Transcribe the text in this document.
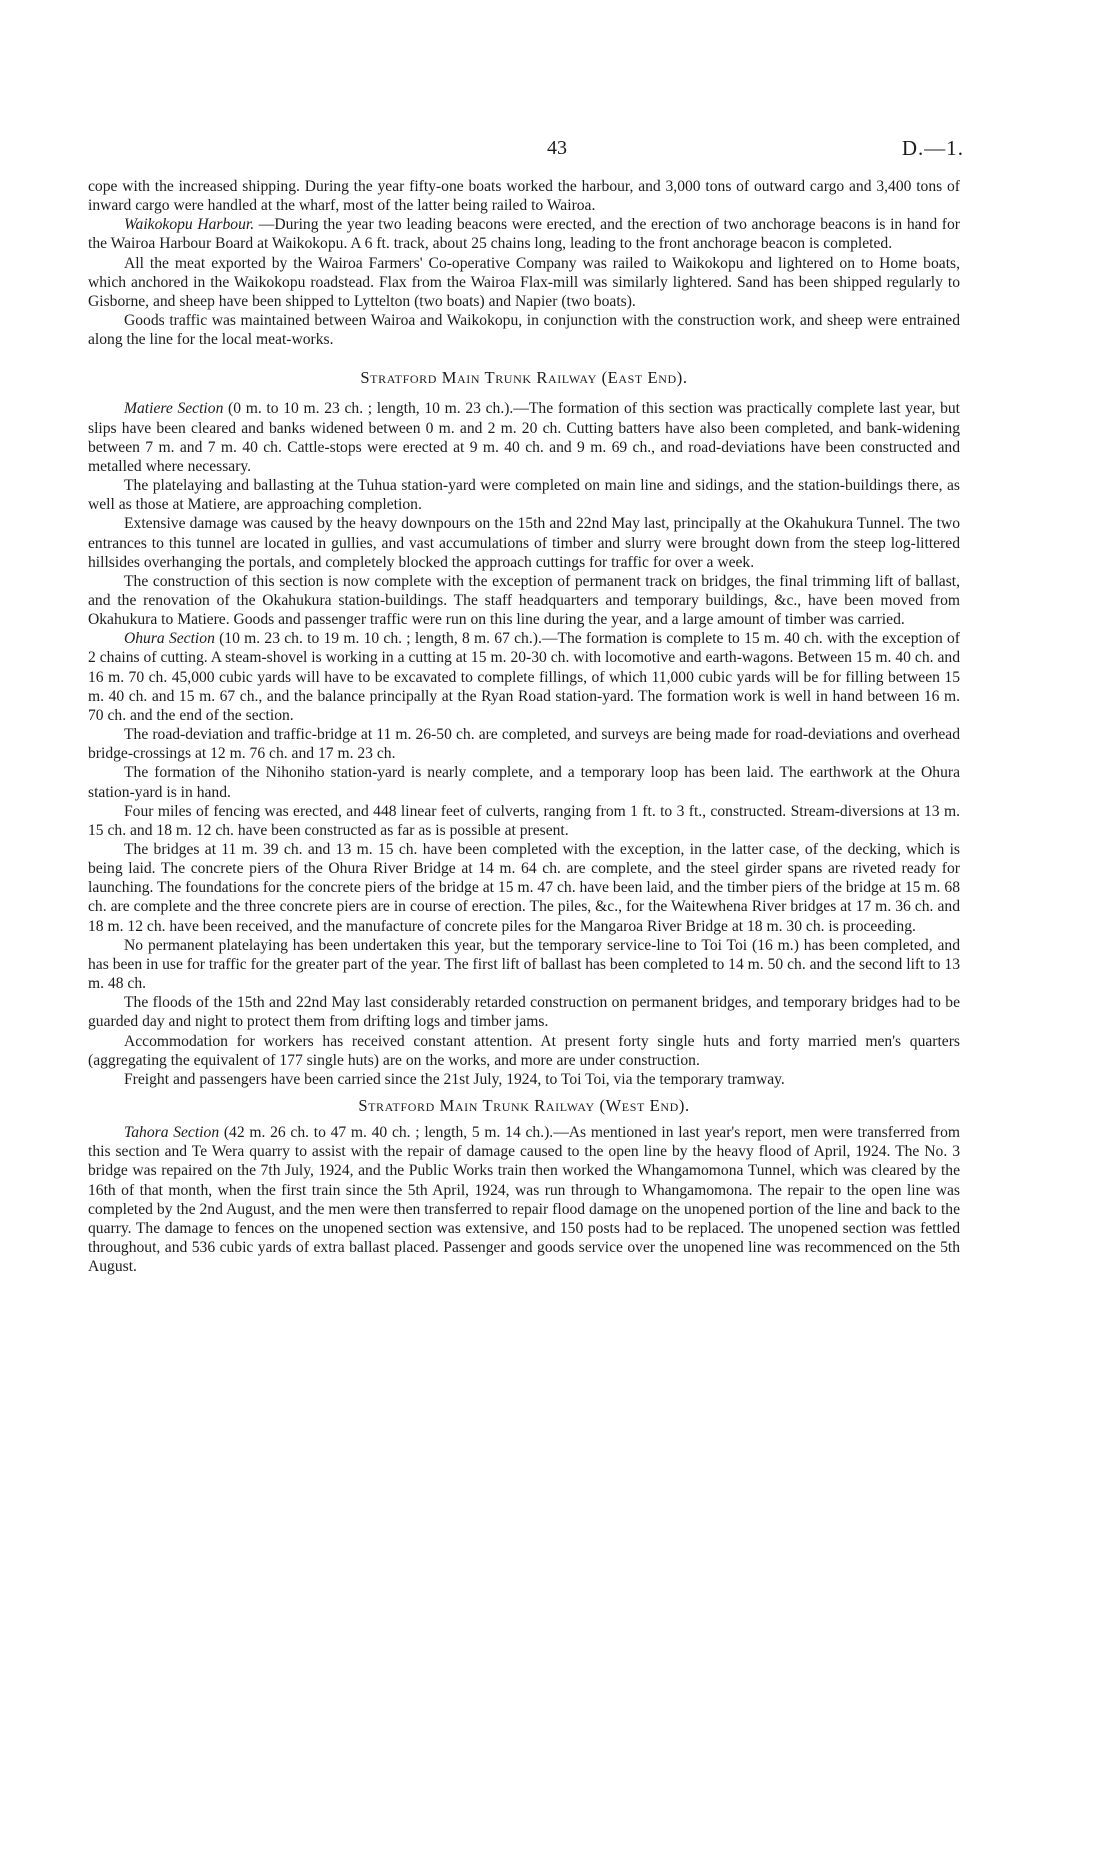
43	D.—1.

cope with the increased shipping. During the year fifty-one boats worked the harbour, and 3,000 tons of outward cargo and 3,400 tons of inward cargo were handled at the wharf, most of the latter being railed to Wairoa.

Waikokopu Harbour. —During the year two leading beacons were erected, and the erection of two anchorage beacons is in hand for the Wairoa Harbour Board at Waikokopu. A 6 ft. track, about 25 chains long, leading to the front anchorage beacon is completed.

All the meat exported by the Wairoa Farmers' Co-operative Company was railed to Waikokopu and lightered on to Home boats, which anchored in the Waikokopu roadstead. Flax from the Wairoa Flax-mill was similarly lightered. Sand has been shipped regularly to Gisborne, and sheep have been shipped to Lyttelton (two boats) and Napier (two boats).

Goods traffic was maintained between Wairoa and Waikokopu, in conjunction with the construction work, and sheep were entrained along the line for the local meat-works.

Stratford Main Trunk Railway (East End).

Matiere Section (0 m. to 10 m. 23 ch. ; length, 10 m. 23 ch.).—The formation of this section was practically complete last year, but slips have been cleared and banks widened between 0 m. and 2 m. 20 ch. Cutting batters have also been completed, and bank-widening between 7 m. and 7 m. 40 ch. Cattle-stops were erected at 9 m. 40 ch. and 9 m. 69 ch., and road-deviations have been constructed and metalled where necessary.

The platelaying and ballasting at the Tuhua station-yard were completed on main line and sidings, and the station-buildings there, as well as those at Matiere, are approaching completion.

Extensive damage was caused by the heavy downpours on the 15th and 22nd May last, principally at the Okahukura Tunnel. The two entrances to this tunnel are located in gullies, and vast accumulations of timber and slurry were brought down from the steep log-littered hillsides overhanging the portals, and completely blocked the approach cuttings for traffic for over a week.

The construction of this section is now complete with the exception of permanent track on bridges, the final trimming lift of ballast, and the renovation of the Okahukura station-buildings. The staff headquarters and temporary buildings, &c., have been moved from Okahukura to Matiere. Goods and passenger traffic were run on this line during the year, and a large amount of timber was carried.

Ohura Section (10 m. 23 ch. to 19 m. 10 ch. ; length, 8 m. 67 ch.).—The formation is complete to 15 m. 40 ch. with the exception of 2 chains of cutting. A steam-shovel is working in a cutting at 15 m. 20-30 ch. with locomotive and earth-wagons. Between 15 m. 40 ch. and 16 m. 70 ch. 45,000 cubic yards will have to be excavated to complete fillings, of which 11,000 cubic yards will be for filling between 15 m. 40 ch. and 15 m. 67 ch., and the balance principally at the Ryan Road station-yard. The formation work is well in hand between 16 m. 70 ch. and the end of the section.

The road-deviation and traffic-bridge at 11 m. 26-50 ch. are completed, and surveys are being made for road-deviations and overhead bridge-crossings at 12 m. 76 ch. and 17 m. 23 ch.

The formation of the Nihoniho station-yard is nearly complete, and a temporary loop has been laid. The earthwork at the Ohura station-yard is in hand.

Four miles of fencing was erected, and 448 linear feet of culverts, ranging from 1 ft. to 3 ft., constructed. Stream-diversions at 13 m. 15 ch. and 18 m. 12 ch. have been constructed as far as is possible at present.

The bridges at 11 m. 39 ch. and 13 m. 15 ch. have been completed with the exception, in the latter case, of the decking, which is being laid. The concrete piers of the Ohura River Bridge at 14 m. 64 ch. are complete, and the steel girder spans are riveted ready for launching. The foundations for the concrete piers of the bridge at 15 m. 47 ch. have been laid, and the timber piers of the bridge at 15 m. 68 ch. are complete and the three concrete piers are in course of erection. The piles, &c., for the Waitewhena River bridges at 17 m. 36 ch. and 18 m. 12 ch. have been received, and the manufacture of concrete piles for the Mangaroa River Bridge at 18 m. 30 ch. is proceeding.

No permanent platelaying has been undertaken this year, but the temporary service-line to Toi Toi (16 m.) has been completed, and has been in use for traffic for the greater part of the year. The first lift of ballast has been completed to 14 m. 50 ch. and the second lift to 13 m. 48 ch.

The floods of the 15th and 22nd May last considerably retarded construction on permanent bridges, and temporary bridges had to be guarded day and night to protect them from drifting logs and timber jams.

Accommodation for workers has received constant attention. At present forty single huts and forty married men's quarters (aggregating the equivalent of 177 single huts) are on the works, and more are under construction.

Freight and passengers have been carried since the 21st July, 1924, to Toi Toi, via the temporary tramway.

Stratford Main Trunk Railway (West End).

Tahora Section (42 m. 26 ch. to 47 m. 40 ch. ; length, 5 m. 14 ch.).—As mentioned in last year's report, men were transferred from this section and Te Wera quarry to assist with the repair of damage caused to the open line by the heavy flood of April, 1924. The No. 3 bridge was repaired on the 7th July, 1924, and the Public Works train then worked the Whangamomona Tunnel, which was cleared by the 16th of that month, when the first train since the 5th April, 1924, was run through to Whangamomona. The repair to the open line was completed by the 2nd August, and the men were then transferred to repair flood damage on the unopened portion of the line and back to the quarry. The damage to fences on the unopened section was extensive, and 150 posts had to be replaced. The unopened section was fettled throughout, and 536 cubic yards of extra ballast placed. Passenger and goods service over the unopened line was recommenced on the 5th August.
